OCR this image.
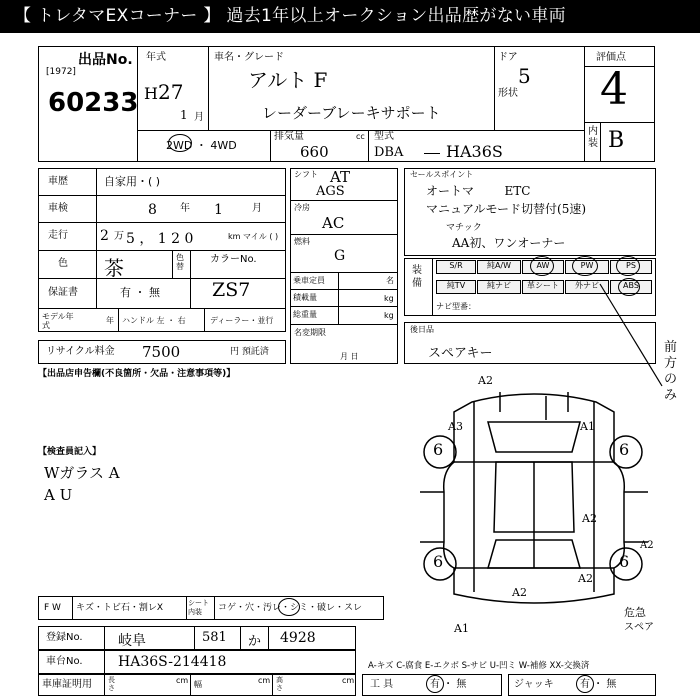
【 トレタマEXコーナー 】 過去1年以上オークション出品歴がない車両
出品No.
[1972]
60233
年式
H 27
1 月
車名・グレード
アルト F
レーダーブレーキサポート
ドア
5
形状
評価点
4
内装 B
2WD ・ 4WD
排気量	cc
660
型式
DBA	HA36S
車歴	自家用・( )
車検	8 年 1	月
走行 2 万 5 ， 1 2 0	km マイル ( )
色 茶	色替
カラーNo.
ZS7
保証書	有 ・ 無
モデル年式
年 ハンドル 左 ・ 右	ディーラー・並行
リサイクル料金 7500	円 預託済
シフト AT
AGS
冷房
AC
燃料
G
乗車定員	名
積載量	kg
総重量	kg
名変期限
月 日
セールスポイント
オートマ        ETC
マニュアルモード切替付(5速)
マチック
AA初、ワンオーナー
装備
S/R	純A/W	AW	PW	PS
純TV	純ナビ	革シート	外ナビ	ABS
ナビ型番：
後日品
スペアキー	前方のみ
【出品店申告欄(不良箇所・欠品・注意事項等)】
【検査員記入】
Wガラス A
A U
6
6
6
6
A2
A3	A1
A2
A2
A2
A2
A1
危急
スペア
F W キズ・トビ石・割レX	シート内装	コゲ・穴・汚レ・シミ・破レ・スレ
登録No.	岐阜	581 か 4928
車台No.	HA36S-214418
車庫証明用 長さ
cm 幅	cm 高さ
cm
A-キズ C-腐食 E-エクボ S-サビ U-凹ミ W-補修 XX-交換済
工 具	有 ・ 無	ジャッキ	有 ・ 無
